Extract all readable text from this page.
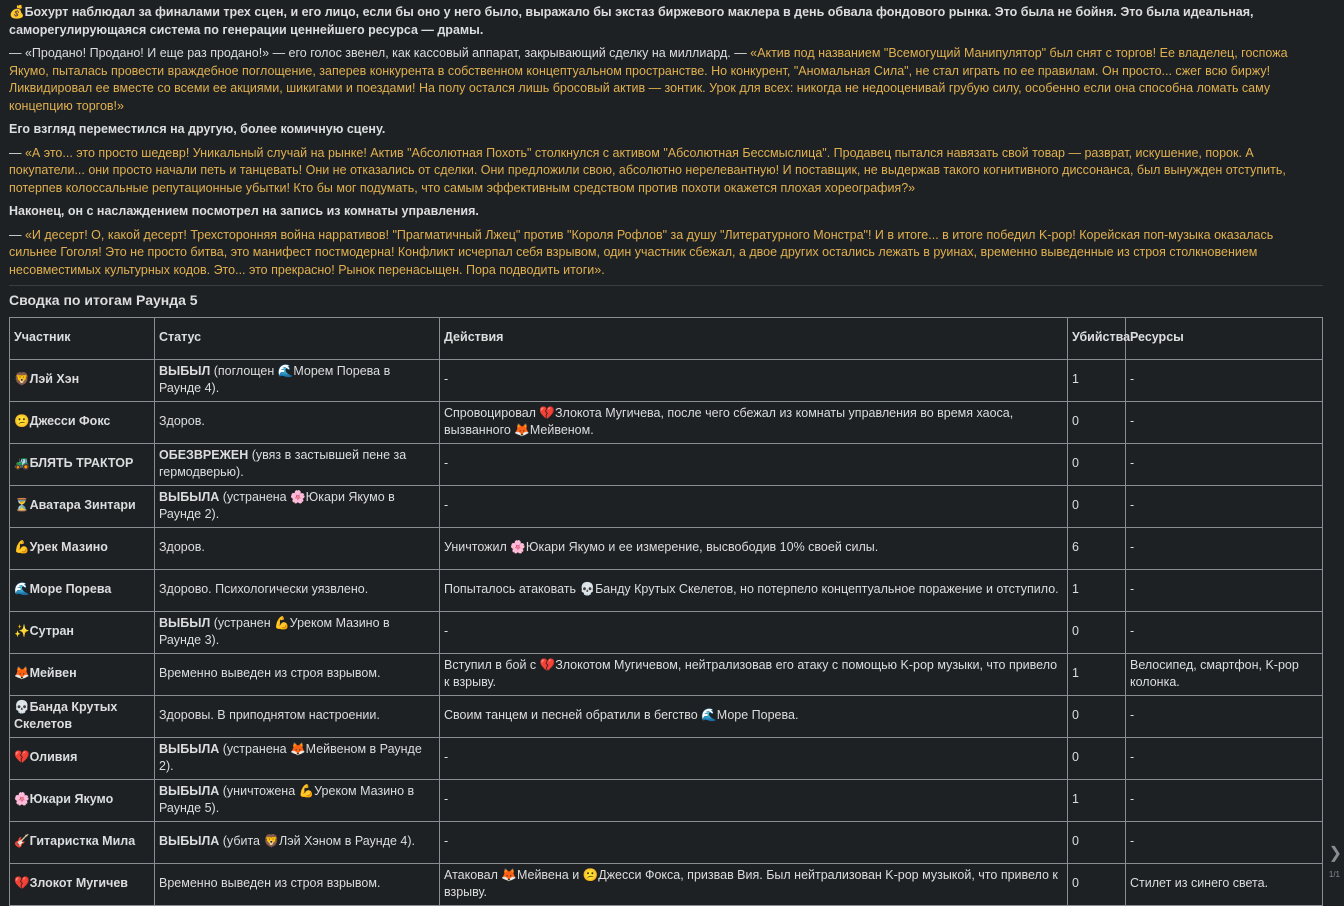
💰Бохурт наблюдал за финалами трех сцен, и его лицо, если бы оно у него было, выражало бы экстаз биржевого маклера в день обвала фондового рынка. Это была не бойня. Это была идеальная, саморегулирующаяся система по генерации ценнейшего ресурса — драмы.

— «Продано! Продано! И еще раз продано!» — его голос звенел, как кассовый аппарат, закрывающий сделку на миллиард. — «Актив под названием "Всемогущий Манипулятор" был снят с торгов! Ее владелец, госпожа Якумо, пыталась провести враждебное поглощение, заперев конкурента в собственном концептуальном пространстве. Но конкурент, "Аномальная Сила", не стал играть по ее правилам. Он просто... сжег всю биржу! Ликвидировал ее вместе со всеми ее акциями, шикигами и поездами! На полу остался лишь бросовый актив — зонтик. Урок для всех: никогда не недооценивай грубую силу, особенно если она способна ломать саму концепцию торгов!»

Его взгляд переместился на другую, более комичную сцену.

— «А это... это просто шедевр! Уникальный случай на рынке! Актив "Абсолютная Похоть" столкнулся с активом "Абсолютная Бессмыслица". Продавец пытался навязать свой товар — разврат, искушение, порок. А покупатели... они просто начали петь и танцевать! Они не отказались от сделки. Они предложили свою, абсолютно нерелевантную! И поставщик, не выдержав такого когнитивного диссонанса, был вынужден отступить, потерпев колоссальные репутационные убытки! Кто бы мог подумать, что самым эффективным средством против похоти окажется плохая хореография?»

Наконец, он с наслаждением посмотрел на запись из комнаты управления.

— «И десерт! О, какой десерт! Трехсторонняя война нарративов! "Прагматичный Лжец" против "Короля Рофлов" за душу "Литературного Монстра"! И в итоге... в итоге победил K-pop! Корейская поп-музыка оказалась сильнее Гоголя! Это не просто битва, это манифест постмодерна! Конфликт исчерпал себя взрывом, один участник сбежал, а двое других остались лежать в руинах, временно выведенные из строя столкновением несовместимых культурных кодов. Это... это прекрасно! Рынок перенасыщен. Пора подводить итоги».

Сводка по итогам Раунда 5
Участник	Статус	Действия	Убийства	Ресурсы
🦁Лэй Хэн	ВЫБЫЛ (поглощен 🌊Морем Порева в Раунде 4).	-	1	-
😕Джесси Фокс	Здоров.	Спровоцировал 💔Злокота Мугичева, после чего сбежал из комнаты управления во время хаоса, вызванного 🦊Мейвеном.	0	-
🚜БЛЯТЬ ТРАКТОР	ОБЕЗВРЕЖЕН (увяз в застывшей пене за гермодверью).	-	0	-
⏳Аватара Зинтари	ВЫБЫЛА (устранена 🌸Юкари Якумо в Раунде 2).	-	0	-
💪Урек Мазино	Здоров.	Уничтожил 🌸Юкари Якумо и ее измерение, высвободив 10% своей силы.	6	-
🌊Море Порева	Здорово. Психологически уязвлено.	Попыталось атаковать 💀Банду Крутых Скелетов, но потерпело концептуальное поражение и отступило.	1	-
✨Сутран	ВЫБЫЛ (устранен 💪Уреком Мазино в Раунде 3).	-	0	-
🦊Мейвен	Временно выведен из строя взрывом.	Вступил в бой с 💔Злокотом Мугичевом, нейтрализовав его атаку с помощью K-pop музыки, что привело к взрыву.	1	Велосипед, смартфон, K-pop колонка.
💀Банда Крутых Скелетов	Здоровы. В приподнятом настроении.	Своим танцем и песней обратили в бегство 🌊Море Порева.	0	-
💔Оливия	ВЫБЫЛА (устранена 🦊Мейвеном в Раунде 2).	-	0	-
🌸Юкари Якумо	ВЫБЫЛА (уничтожена 💪Уреком Мазино в Раунде 5).	-	1	-
🎸Гитаристка Мила	ВЫБЫЛА (убита 🦁Лэй Хэном в Раунде 4).	-	0	-
💔Злокот Мугичев	Временно выведен из строя взрывом.	Атаковал 🦊Мейвена и 😕Джесси Фокса, призвав Вия. Был нейтрализован K-pop музыкой, что привело к взрыву.	0	Стилет из синего света.
❯
1/1
